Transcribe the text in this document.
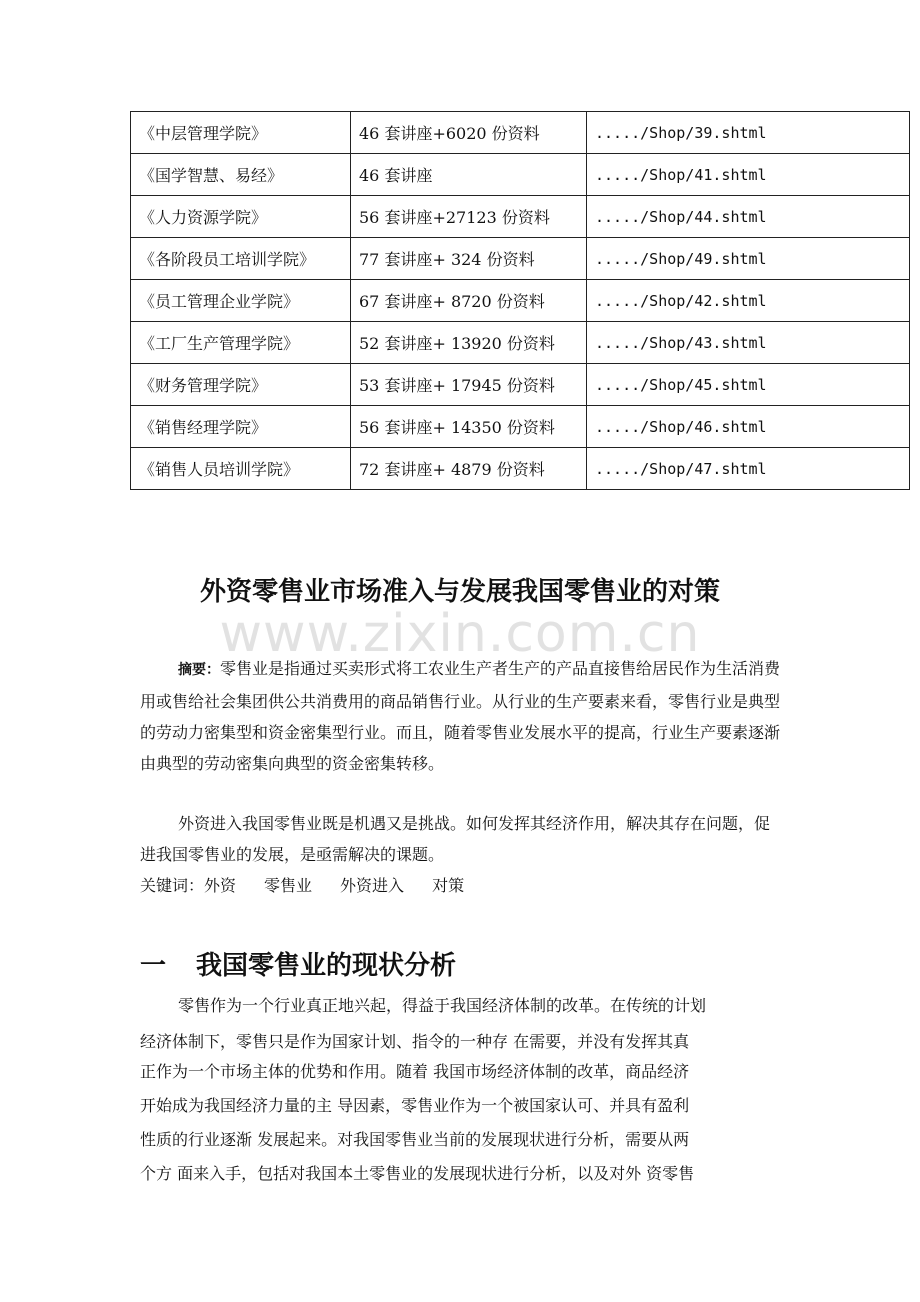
《中层管理学院》	46 套讲座+6020 份资料	...../Shop/39.shtml
《国学智慧、易经》	46 套讲座	...../Shop/41.shtml
《人力资源学院》	56 套讲座+27123 份资料	...../Shop/44.shtml
《各阶段员工培训学院》	77 套讲座+ 324 份资料	...../Shop/49.shtml
《员工管理企业学院》	67 套讲座+ 8720 份资料	...../Shop/42.shtml
《工厂生产管理学院》	52 套讲座+ 13920 份资料	...../Shop/43.shtml
《财务管理学院》	53 套讲座+ 17945 份资料	...../Shop/45.shtml
《销售经理学院》	56 套讲座+ 14350 份资料	...../Shop/46.shtml
《销售人员培训学院》	72 套讲座+ 4879 份资料	...../Shop/47.shtml
www.zixin.com.cn
外资零售业市场准入与发展我国零售业的对策

摘要：零售业是指通过买卖形式将工农业生产者生产的产品直接售给居民作为生活消费用或售给社会集团供公共消费用的商品销售行业。从行业的生产要素来看，零售行业是典型的劳动力密集型和资金密集型行业。而且，随着零售业发展水平的提高，行业生产要素逐渐由典型的劳动密集向典型的资金密集转移。

外资进入我国零售业既是机遇又是挑战。如何发挥其经济作用，解决其存在问题，促进我国零售业的发展，是亟需解决的课题。

关键词：外资 零售业 外资进入 对策
一 我国零售业的现状分析
零售作为一个行业真正地兴起，得益于我国经济体制的改革。在传统的计划
经济体制下，零售只是作为国家计划、指令的一种存 在需要，并没有发挥其真
正作为一个市场主体的优势和作用。随着 我国市场经济体制的改革，商品经济
开始成为我国经济力量的主 导因素，零售业作为一个被国家认可、并具有盈利
性质的行业逐渐 发展起来。对我国零售业当前的发展现状进行分析，需要从两
个方 面来入手，包括对我国本土零售业的发展现状进行分析，以及对外 资零售
